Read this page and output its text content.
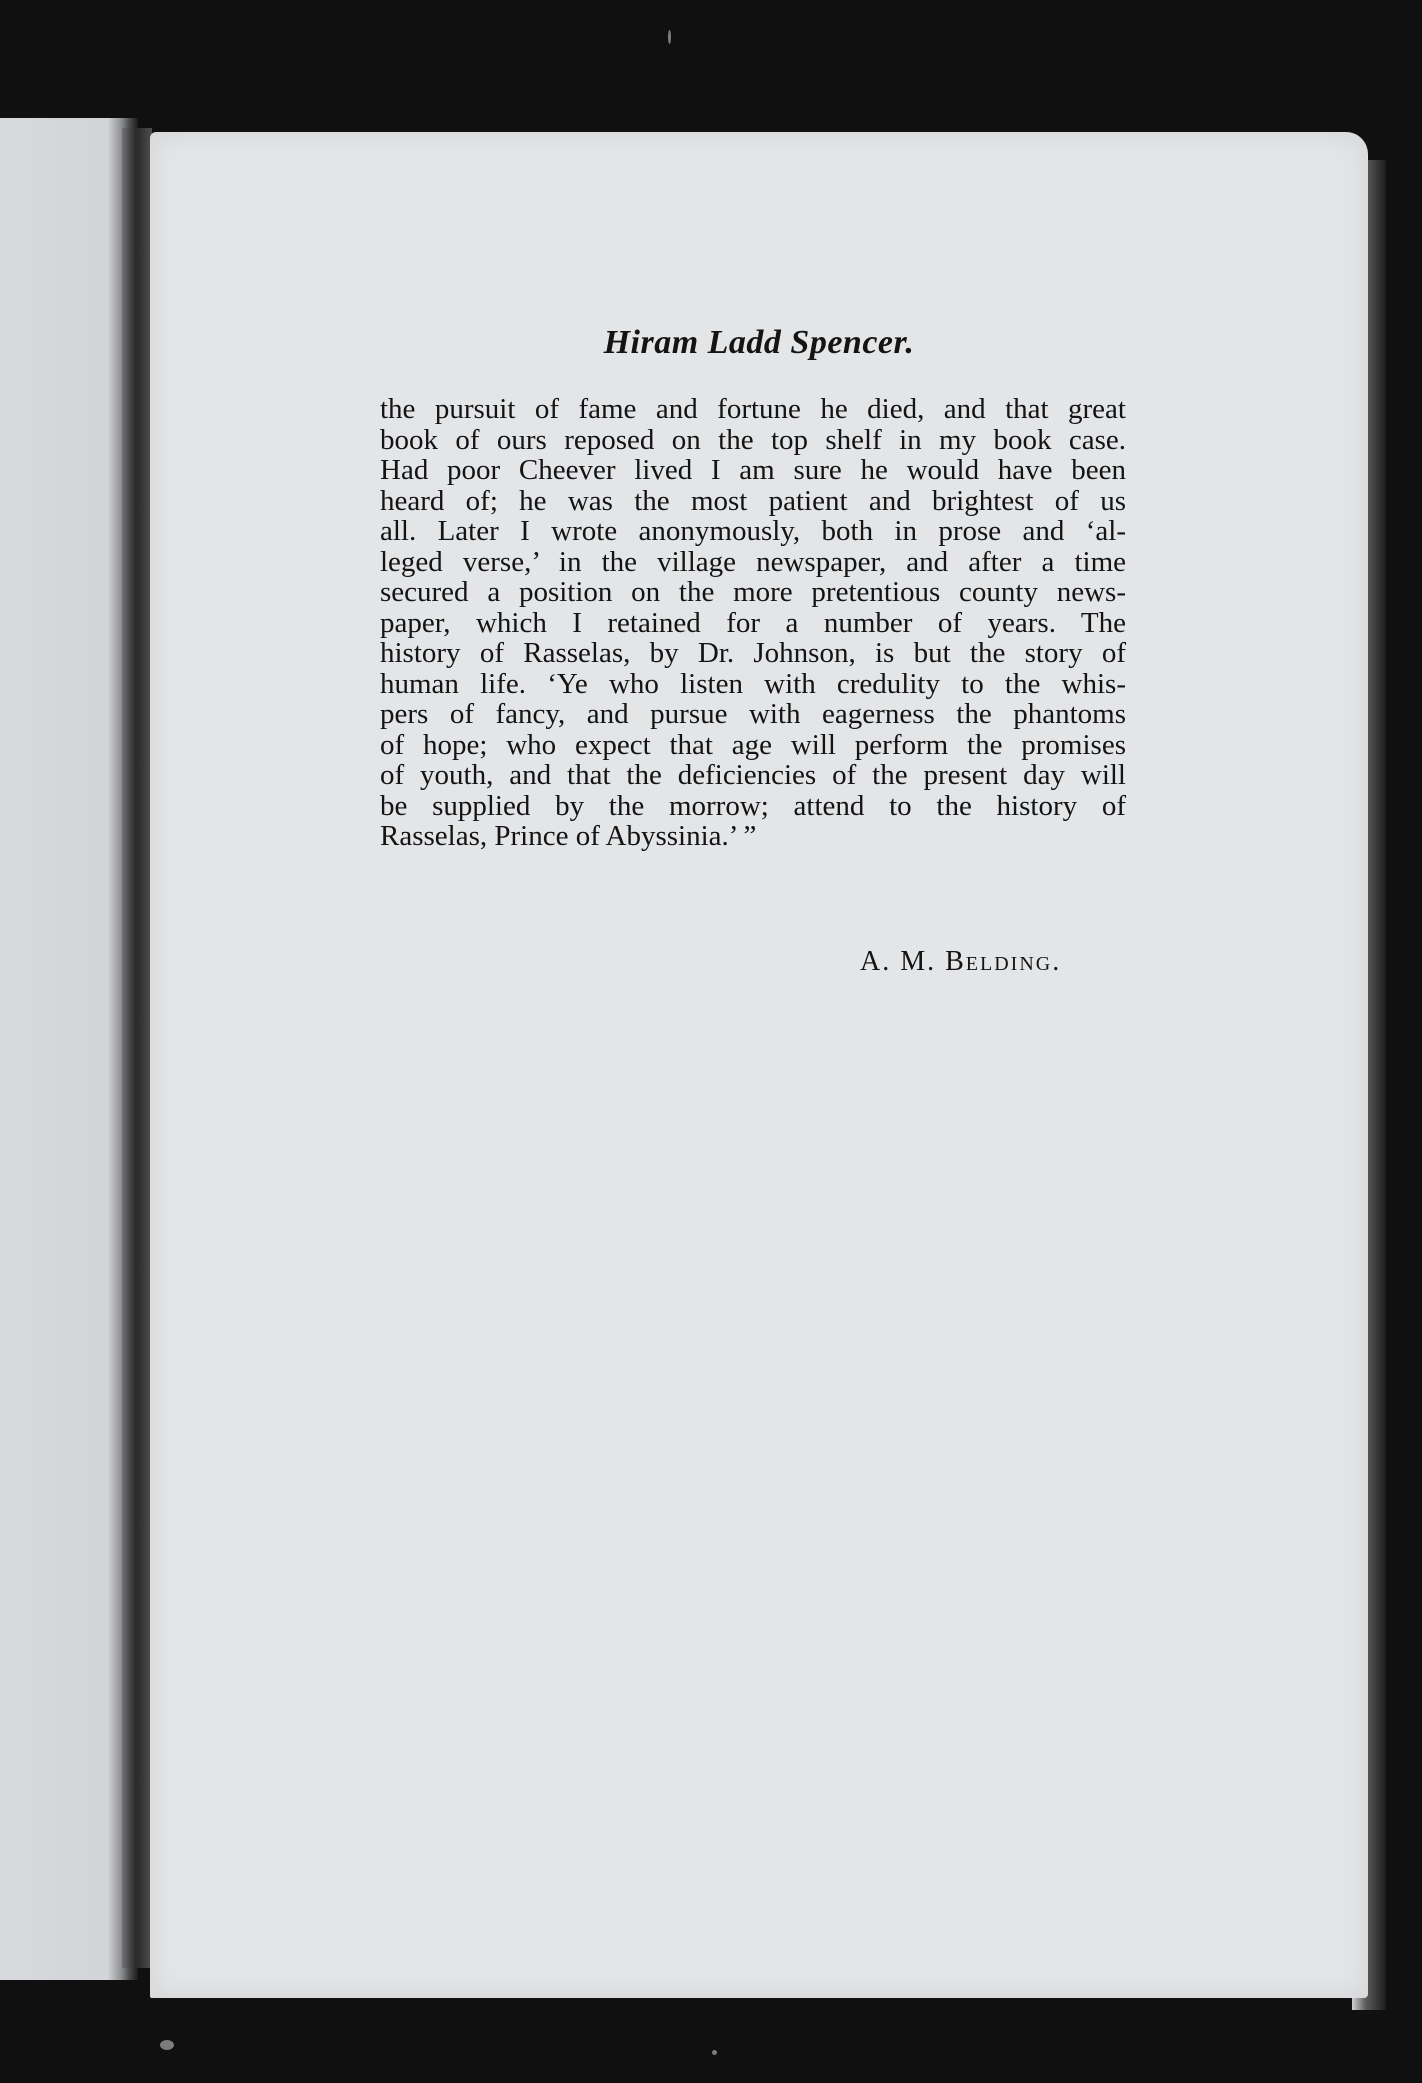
Hiram Ladd Spencer.
the pursuit of fame and fortune he died, and that great
book of ours reposed on the top shelf in my book case.
Had poor Cheever lived I am sure he would have been
heard of; he was the most patient and brightest of us
all. Later I wrote anonymously, both in prose and ‘al-
leged verse,’ in the village newspaper, and after a time
secured a position on the more pretentious county news-
paper, which I retained for a number of years. The
history of Rasselas, by Dr. Johnson, is but the story of
human life. ‘Ye who listen with credulity to the whis-
pers of fancy, and pursue with eagerness the phantoms
of hope; who expect that age will perform the promises
of youth, and that the deficiencies of the present day will
be supplied by the morrow; attend to the history of
Rasselas, Prince of Abyssinia.’ ”
A. M. Belding.
